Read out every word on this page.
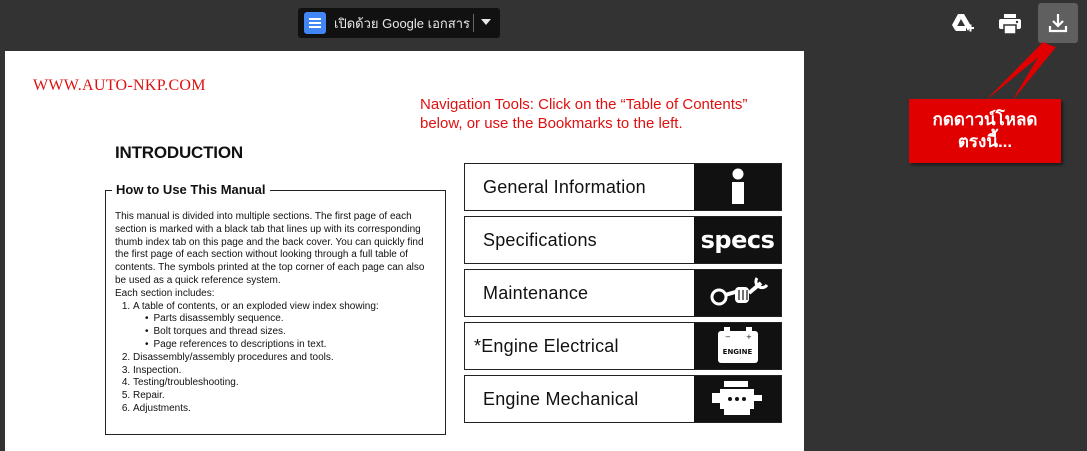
เปิดด้วย Google เอกสาร
WWW.AUTO-NKP.COM
Navigation Tools: Click on the “Table of Contents” below, or use the Bookmarks to the left.
INTRODUCTION
How to Use This Manual

This manual is divided into multiple sections. The first page of each section is marked with a black tab that lines up with its corresponding thumb index tab on this page and the back cover. You can quickly find the first page of each section without looking through a full table of contents. The symbols printed at the top corner of each page can also be used as a quick reference system.

Each section includes:

1. A table of contents, or an exploded view index showing:
• Parts disassembly sequence.
• Bolt torques and thread sizes.
• Page references to descriptions in text.
2. Disassembly/assembly procedures and tools.
3. Inspection.
4. Testing/troubleshooting.
5. Repair.
6. Adjustments.
General Information
Specifications	specs
Maintenance
*Engine Electrical	− +
ENGINE
Engine Mechanical
กดดาวน์โหลด
ตรงนี้...
